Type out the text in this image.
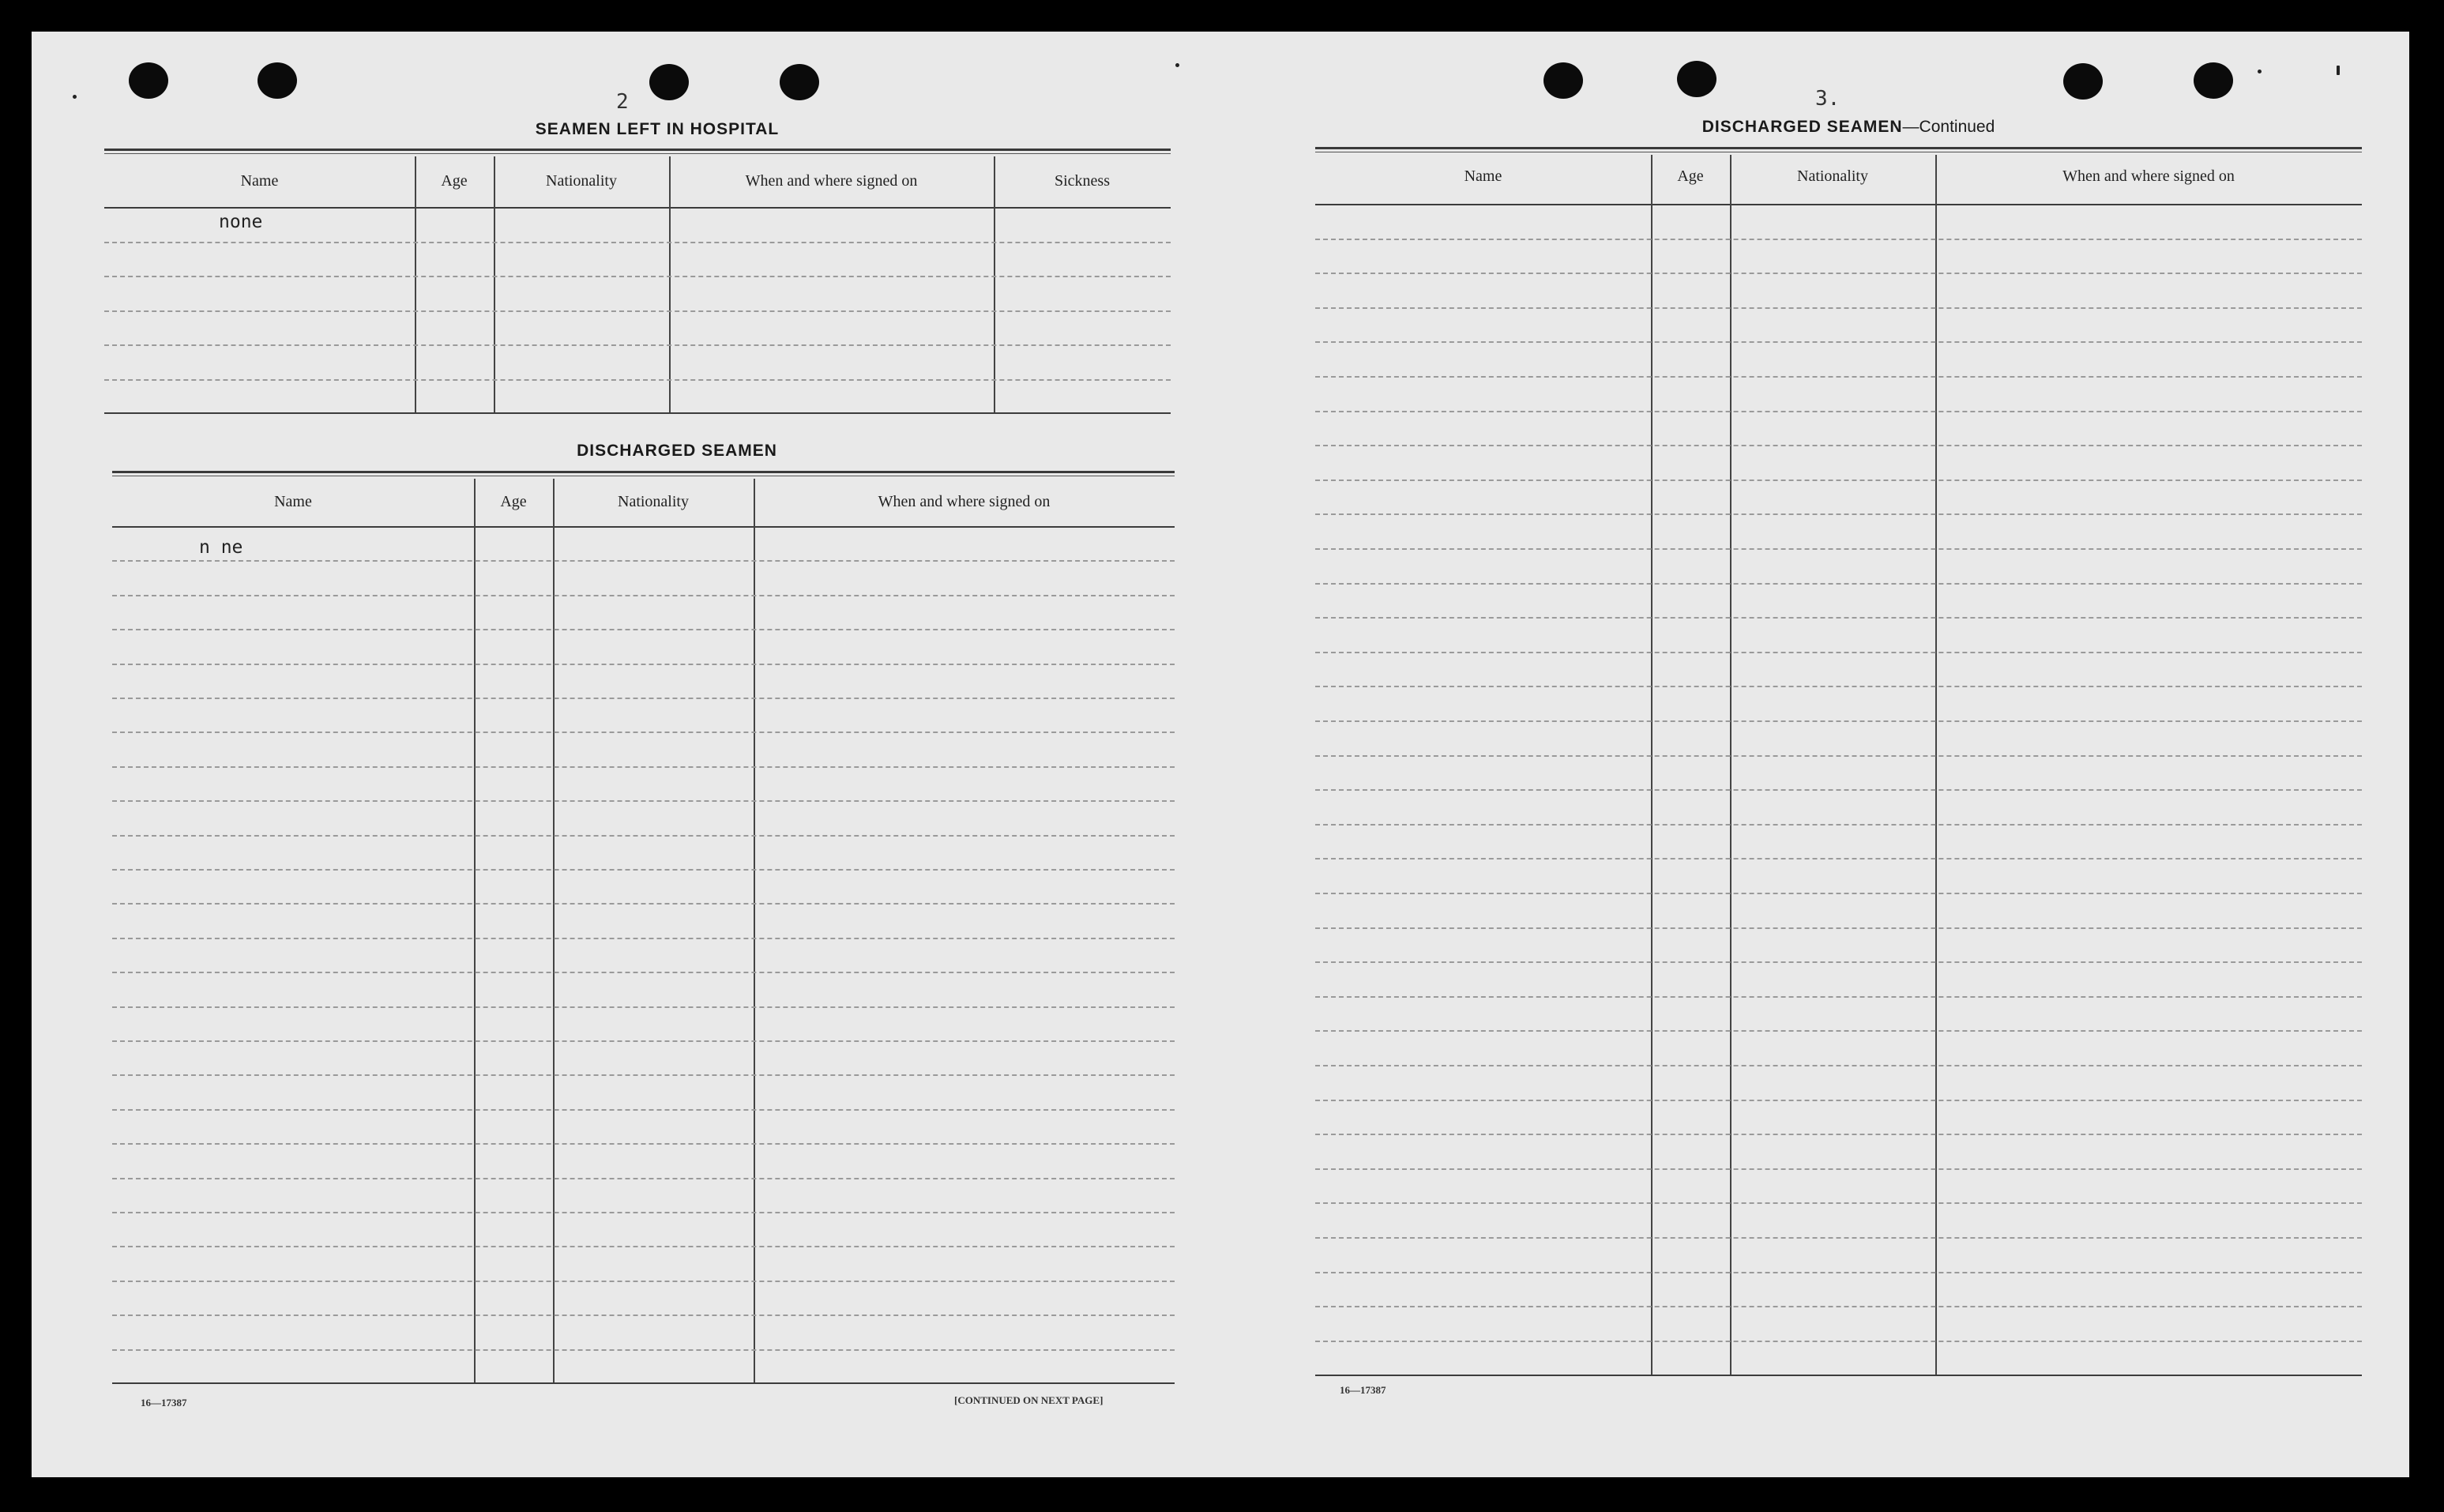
2
SEAMEN LEFT IN HOSPITAL
Name	Age	Nationality	When and where signed on	Sickness
none
DISCHARGED SEAMEN
Name	Age	Nationality	When and where signed on
n ne
16—17387	[CONTINUED ON NEXT PAGE]
3.
DISCHARGED SEAMEN—Continued
Name	Age	Nationality	When and where signed on
16—17387
